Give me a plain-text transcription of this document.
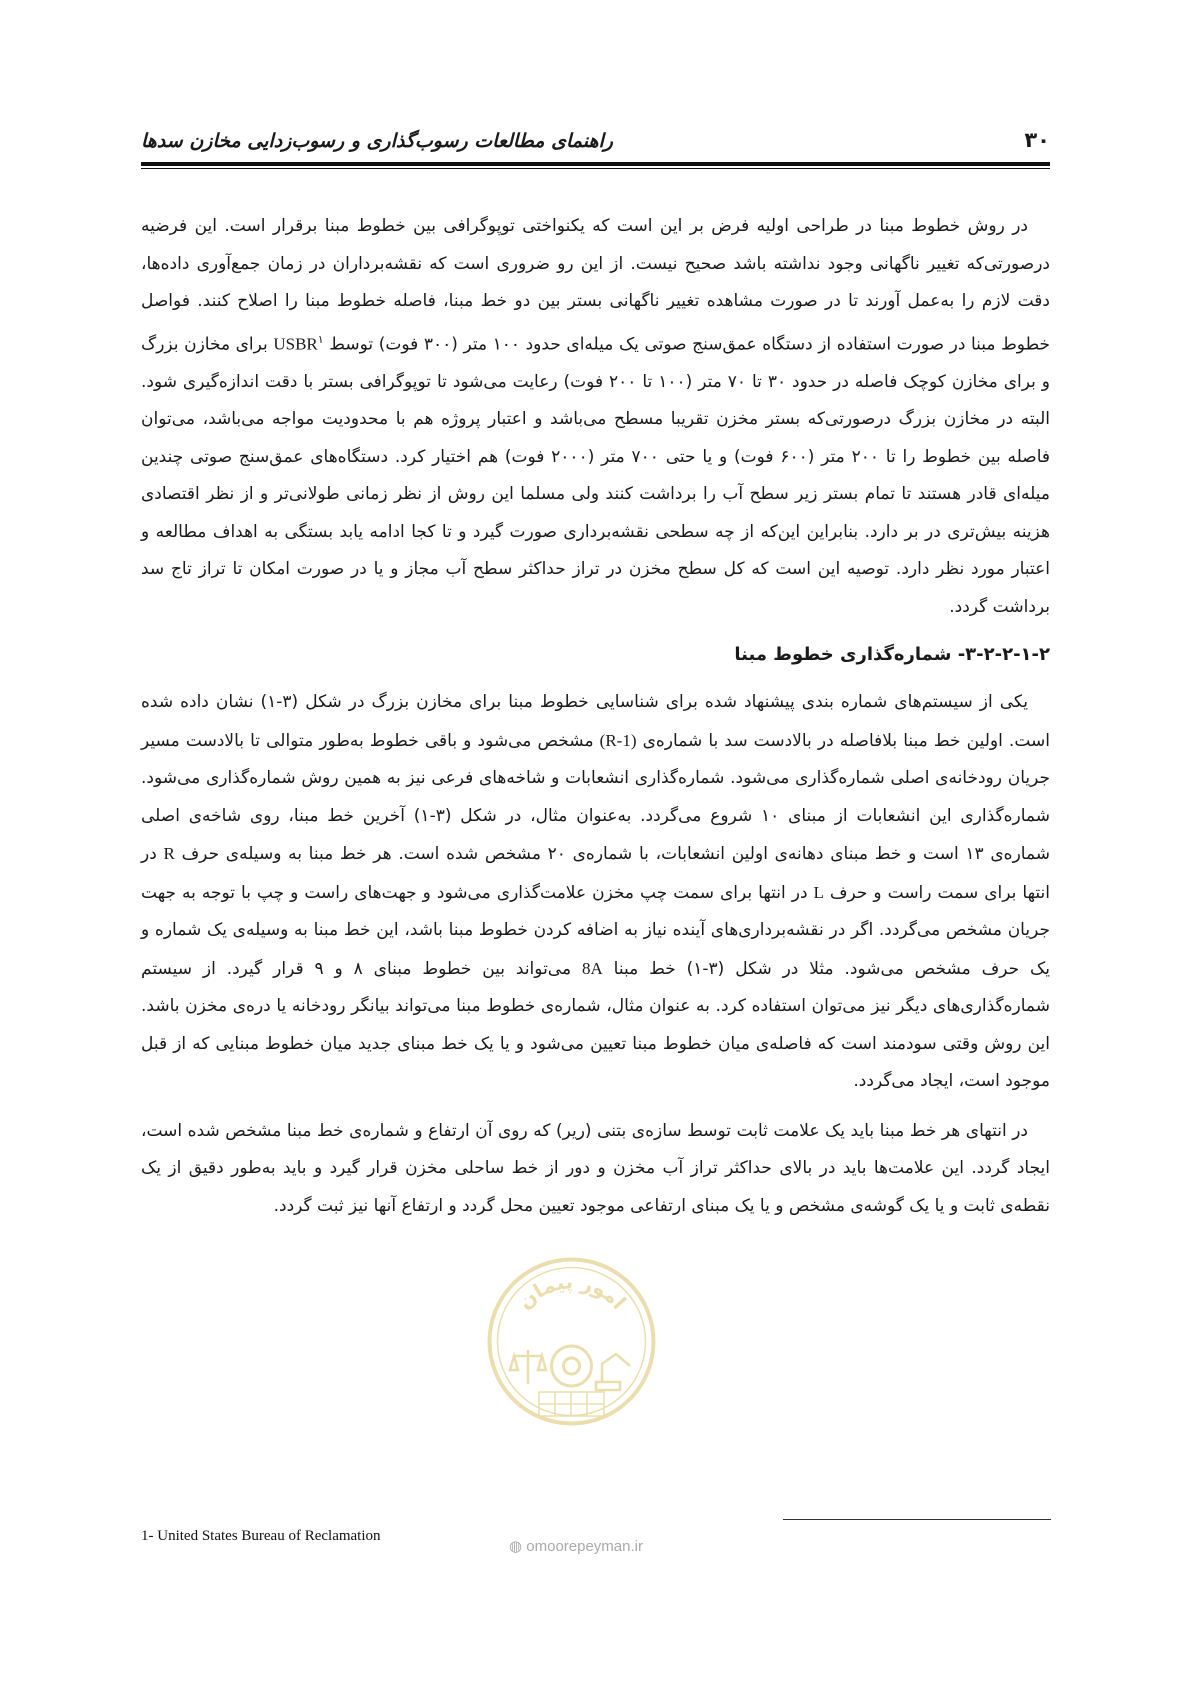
۳۰
راهنمای مطالعات رسوب‌گذاری و رسوب‌زدایی مخازن سدها

در روش خطوط مبنا در طراحی اولیه فرض بر این است که یکنواختی توپوگرافی بین خطوط مبنا برقرار است. این فرضیه درصورتی‌که تغییر ناگهانی وجود نداشته باشد صحیح نیست. از این رو ضروری است که نقشه‌برداران در زمان جمع‌آوری داده‌ها، دقت لازم را به‌عمل آورند تا در صورت مشاهده تغییر ناگهانی بستر بین دو خط مبنا، فاصله خطوط مبنا را اصلاح کنند. فواصل خطوط مبنا در صورت استفاده از دستگاه عمق‌سنج صوتی یک میله‌ای حدود ۱۰۰ متر (۳۰۰ فوت) توسط USBR$^۱$ برای مخازن بزرگ و برای مخازن کوچک فاصله در حدود ۳۰ تا ۷۰ متر (۱۰۰ تا ۲۰۰ فوت) رعایت می‌شود تا توپوگرافی بستر با دقت اندازه‌گیری شود. البته در مخازن بزرگ درصورتی‌که بستر مخزن تقریبا مسطح می‌باشد و اعتبار پروژه هم با محدودیت مواجه می‌باشد، می‌توان فاصله بین خطوط را تا ۲۰۰ متر (۶۰۰ فوت) و یا حتی ۷۰۰ متر (۲۰۰۰ فوت) هم اختیار کرد. دستگاه‌های عمق‌سنج صوتی چندین میله‌ای قادر هستند تا تمام بستر زیر سطح آب را برداشت کنند ولی مسلما این روش از نظر زمانی طولانی‌تر و از نظر اقتصادی هزینه بیش‌تری در بر دارد. بنابراین این‌که از چه سطحی نقشه‌برداری صورت گیرد و تا کجا ادامه یابد بستگی به اهداف مطالعه و اعتبار مورد نظر دارد. توصیه این است که کل سطح مخزن در تراز حداکثر سطح آب مجاز و یا در صورت امکان تا تراز تاج سد برداشت گردد.

۳-۲-۲-۱-۲- شماره‌گذاری خطوط مبنا

یکی از سیستم‌های شماره بندی پیشنهاد شده برای شناسایی خطوط مبنا برای مخازن بزرگ در شکل (۳-۱) نشان داده شده است. اولین خط مبنا بلافاصله در بالادست سد با شماره‌ی (R-1) مشخص می‌شود و باقی خطوط به‌طور متوالی تا بالادست مسیر جریان رودخانه‌ی اصلی شماره‌گذاری می‌شود. شماره‌گذاری انشعابات و شاخه‌های فرعی نیز به همین روش شماره‌گذاری می‌شود. شماره‌گذاری این انشعابات از مبنای ۱۰ شروع می‌گردد. به‌عنوان مثال، در شکل (۳-۱) آخرین خط مبنا، روی شاخه‌ی اصلی شماره‌ی ۱۳ است و خط مبنای دهانه‌ی اولین انشعابات، با شماره‌ی ۲۰ مشخص شده است. هر خط مبنا به وسیله‌ی حرف R در انتها برای سمت راست و حرف L در انتها برای سمت چپ مخزن علامت‌گذاری می‌شود و جهت‌های راست و چپ با توجه به جهت جریان مشخص می‌گردد. اگر در نقشه‌برداری‌های آینده نیاز به اضافه کردن خطوط مبنا باشد، این خط مبنا به وسیله‌ی یک شماره و یک حرف مشخص می‌شود. مثلا در شکل (۳-۱) خط مبنا 8A می‌تواند بین خطوط مبنای ۸ و ۹ قرار گیرد. از سیستم شماره‌گذاری‌های دیگر نیز می‌توان استفاده کرد. به عنوان مثال، شماره‌ی خطوط مبنا می‌تواند بیانگر رودخانه یا دره‌ی مخزن باشد. این روش وقتی سودمند است که فاصله‌ی میان خطوط مبنا تعیین می‌شود و یا یک خط مبنای جدید میان خطوط مبنایی که از قبل موجود است، ایجاد می‌گردد.

در انتهای هر خط مبنا باید یک علامت ثابت توسط سازه‌ی بتنی (ریر) که روی آن ارتفاع و شماره‌ی خط مبنا مشخص شده است، ایجاد گردد. این علامت‌ها باید در بالای حداکثر تراز آب مخزن و دور از خط ساحلی مخزن قرار گیرد و باید به‌طور دقیق از یک نقطه‌ی ثابت و یا یک گوشه‌ی مشخص و یا یک مبنای ارتفاعی موجود تعیین محل گردد و ارتفاع آنها نیز ثبت گردد.

امور پیمان
1- United States Bureau of Reclamation
◍ omoorepeyman.ir
